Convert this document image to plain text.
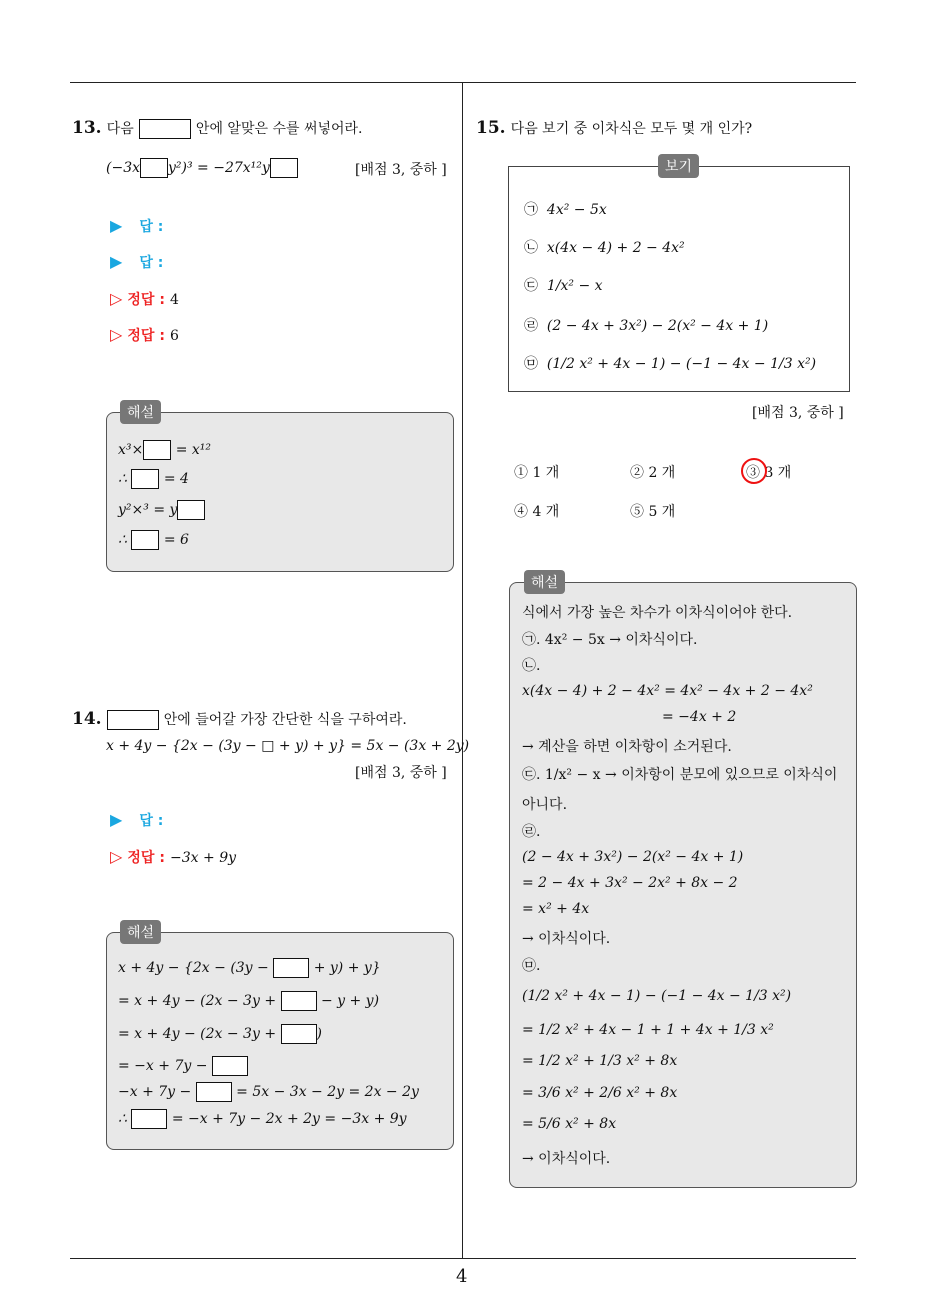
4
13. 다음	안에 알맞은 수를 써넣어라.
(−3x y²)³ = −27x¹²y	[배점 3, 중하 ]
▶ 답 :
▶ 답 :
▷ 정답 : 4
▷ 정답 : 6
해설
x³× = x¹²
∴	= 4
y²×³ = y
∴	= 6
14.	안에 들어갈 가장 간단한 식을 구하여라.
x + 4y − {2x − (3y − □ + y) + y} = 5x − (3x + 2y)
[배점 3, 중하 ]
▶ 답 :
▷ 정답 : −3x + 9y
해설
x + 4y − {2x − (3y −	+ y) + y}
= x + 4y − (2x − 3y +	− y + y)
= x + 4y − (2x − 3y +	)
= −x + 7y −
−x + 7y −	= 5x − 3x − 2y = 2x − 2y
∴	= −x + 7y − 2x + 2y = −3x + 9y
15. 다음 보기 중 이차식은 모두 몇 개 인가?
보기
㉠ 4x² − 5x
㉡ x(4x − 4) + 2 − 4x²
㉢ 1/x² − x
㉣ (2 − 4x + 3x²) − 2(x² − 4x + 1)
㉤ (1/2 x² + 4x − 1) − (−1 − 4x − 1/3 x²)
[배점 3, 중하 ]
① 1 개	② 2 개	③ 3 개
④ 4 개	⑤ 5 개
해설
식에서 가장 높은 차수가 이차식이어야 한다.
㉠. 4x² − 5x → 이차식이다.
㉡.
x(4x − 4) + 2 − 4x² = 4x² − 4x + 2 − 4x²
= −4x + 2
→ 계산을 하면 이차항이 소거된다.
㉢. 1/x² − x → 이차항이 분모에 있으므로 이차식이
아니다.
㉣.
(2 − 4x + 3x²) − 2(x² − 4x + 1)
= 2 − 4x + 3x² − 2x² + 8x − 2
= x² + 4x
→ 이차식이다.
㉤.
(1/2 x² + 4x − 1) − (−1 − 4x − 1/3 x²)
= 1/2 x² + 4x − 1 + 1 + 4x + 1/3 x²
= 1/2 x² + 1/3 x² + 8x
= 3/6 x² + 2/6 x² + 8x
= 5/6 x² + 8x
→ 이차식이다.
